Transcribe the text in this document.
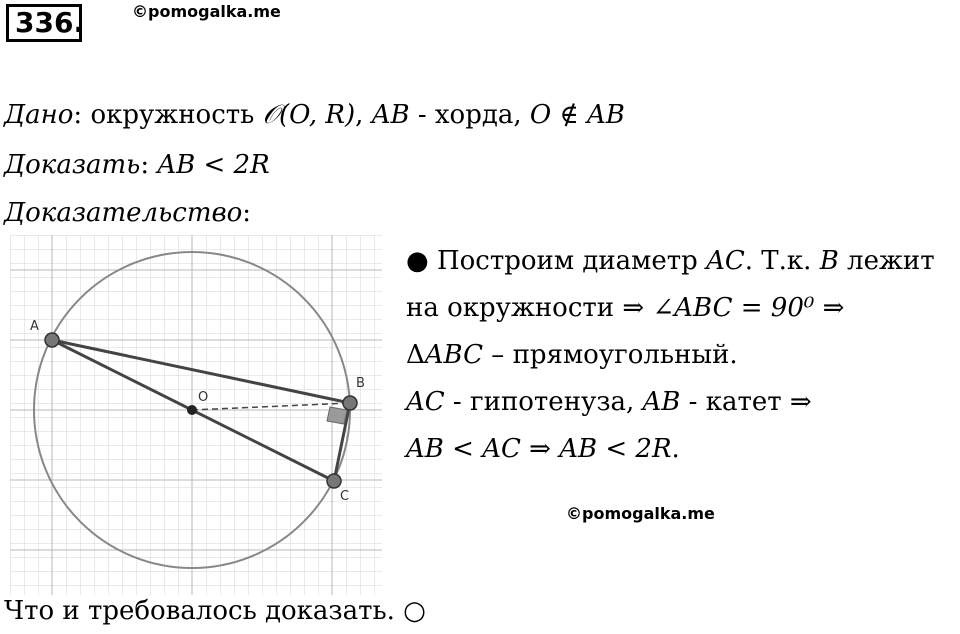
336.	©pomogalka.me
Дано: окружность 𝒪(O, R), AB - хорда, O ∉ AB
Доказать: AB < 2R
Доказательство:
A
O
B
C
● Построим диаметр AC. Т.к. B лежит
на окружности ⇒ ∠ABC = 90⁰ ⇒
ΔABC – прямоугольный.
AC - гипотенуза, AB - катет ⇒
AB < AC ⇒ AB < 2R.
©pomogalka.me
Что и требовалось доказать. ○
